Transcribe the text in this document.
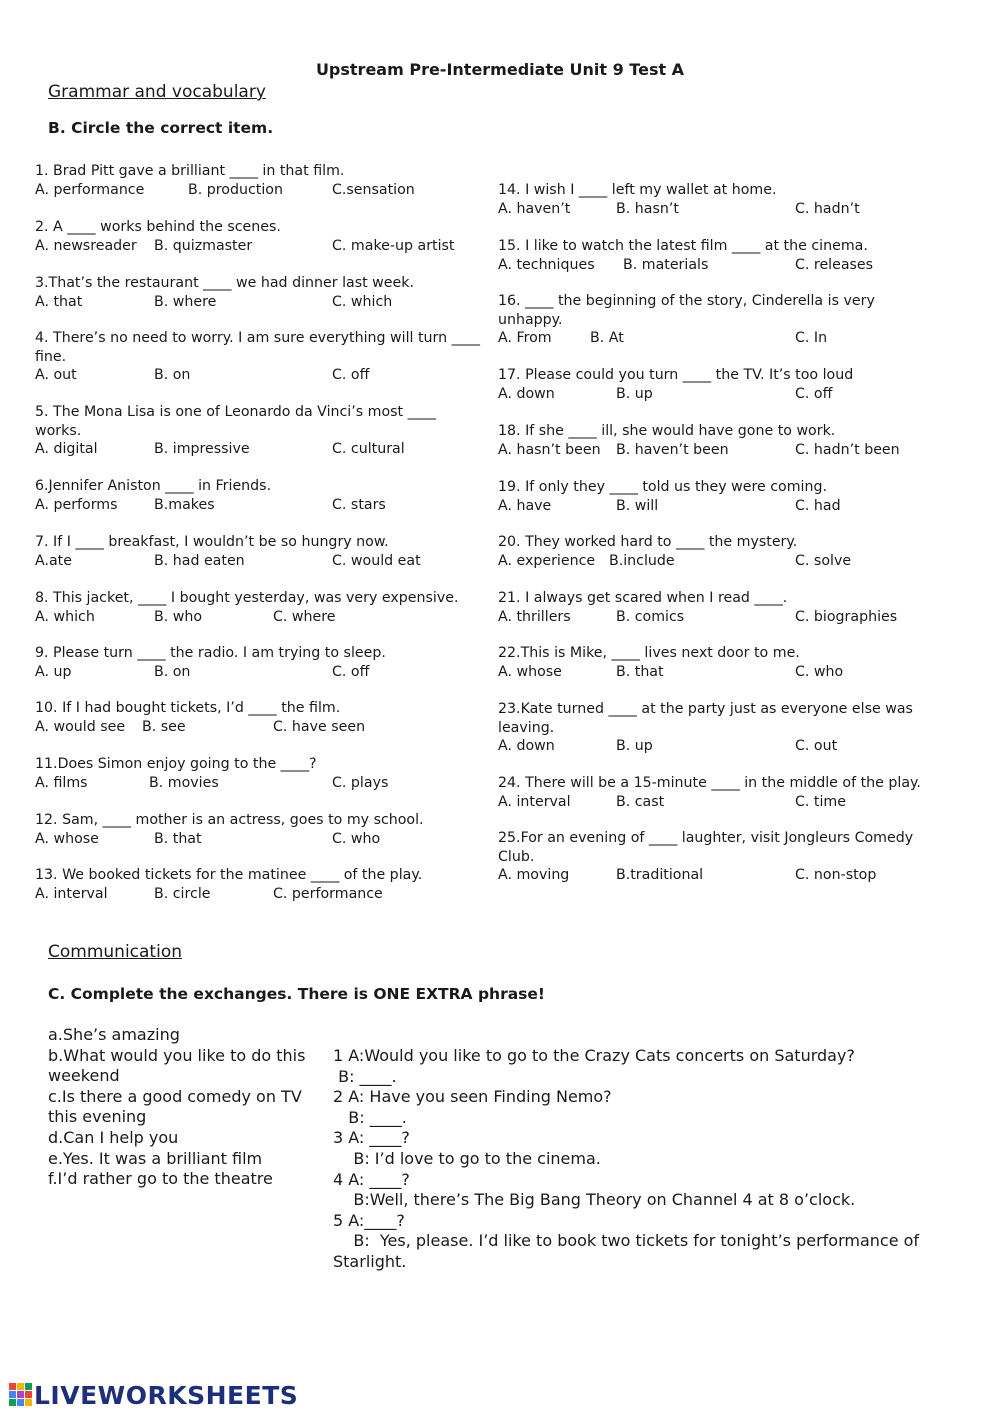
Upstream Pre-Intermediate Unit 9 Test A
Grammar and vocabulary
B. Circle the correct item.
1. Brad Pitt gave a brilliant ____ in that film.
A. performance	B. production	C.sensation
2. A ____ works behind the scenes.
A. newsreader B. quizmaster	C. make-up artist
3.That’s the restaurant ____ we had dinner last week.
A. that	B. where	C. which
4. There’s no need to worry. I am sure everything will turn ____
fine.
A. out	B. on	C. off
5. The Mona Lisa is one of Leonardo da Vinci’s most ____
works.
A. digital	B. impressive	C. cultural
6.Jennifer Aniston ____ in Friends.
A. performs	B.makes	C. stars
7. If I ____ breakfast, I wouldn’t be so hungry now.
A.ate	B. had eaten	C. would eat
8. This jacket, ____ I bought yesterday, was very expensive.
A. which	B. who	C. where
9. Please turn ____ the radio. I am trying to sleep.
A. up	B. on	C. off
10. If I had bought tickets, I’d ____ the film.
A. would see B. see	C. have seen
11.Does Simon enjoy going to the ____?
A. films	B. movies	C. plays
12. Sam, ____ mother is an actress, goes to my school.
A. whose	B. that	C. who
13. We booked tickets for the matinee ____ of the play.
A. interval	B. circle	C. performance
14. I wish I ____ left my wallet at home.
A. haven’t	B. hasn’t	C. hadn’t
15. I like to watch the latest film ____ at the cinema.
A. techniques B. materials	C. releases
16. ____ the beginning of the story, Cinderella is very
unhappy.
A. From	B. At	C. In
17. Please could you turn ____ the TV. It’s too loud
A. down	B. up	C. off
18. If she ____ ill, she would have gone to work.
A. hasn’t been B. haven’t been	C. hadn’t been
19. If only they ____ told us they were coming.
A. have	B. will	C. had
20. They worked hard to ____ the mystery.
A. experience B.include	C. solve
21. I always get scared when I read ____.
A. thrillers	B. comics	C. biographies
22.This is Mike, ____ lives next door to me.
A. whose	B. that	C. who
23.Kate turned ____ at the party just as everyone else was
leaving.
A. down	B. up	C. out
24. There will be a 15-minute ____ in the middle of the play.
A. interval	B. cast	C. time
25.For an evening of ____ laughter, visit Jongleurs Comedy
Club.
A. moving	B.traditional	C. non-stop
Communication
C. Complete the exchanges. There is ONE EXTRA phrase!
a.She’s amazing
b.What would you like to do this weekend
c.Is there a good comedy on TV this evening
d.Can I help you
e.Yes. It was a brilliant film
f.I’d rather go to the theatre
1 A:Would you like to go to the Crazy Cats concerts on Saturday?
B: ____.
2 A: Have you seen Finding Nemo?
B: ____.
3 A: ____?
B: I’d love to go to the cinema.
4 A: ____?
B:Well, there’s The Big Bang Theory on Channel 4 at 8 o’clock.
5 A:____?
B:  Yes, please. I’d like to book two tickets for tonight’s performance of
Starlight.
LIVEWORKSHEETS
